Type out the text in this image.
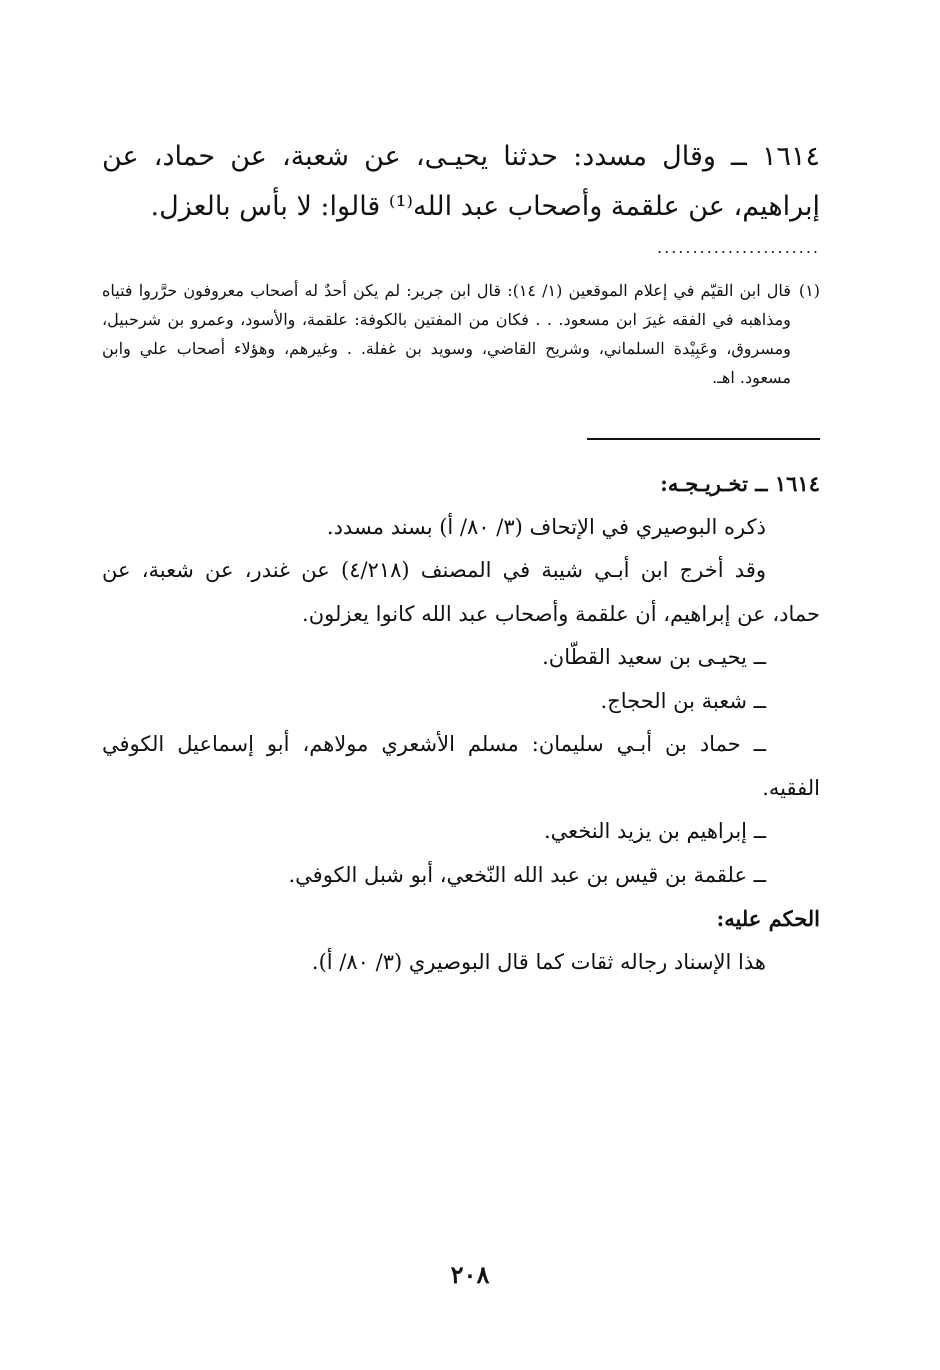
١٦١٤ ــ وقال مسدد: حدثنا يحيـى، عن شعبة، عن حماد، عن

إبراهيم، عن علقمة وأصحاب عبد الله⁽¹⁾ قالوا: لا بأس بالعزل.

.......................
(١)
قال ابن القيّم في إعلام الموقعين (١/ ١٤): قال ابن جرير: لم يكن أحدٌ له أصحاب معروفون حرَّروا فتياه ومذاهبه في الفقه غيرَ ابن مسعود. . . فكان من المفتين بالكوفة: علقمة، والأسود، وعمرو بن شرحبيل، ومسروق، وعَبِيْدة السلماني، وشريح القاضي، وسويد بن غفلة. . وغيرهم، وهؤلاء أصحاب علي وابن مسعود. اهـ.

١٦١٤ ــ تخـريـجـه:

ذكره البوصيري في الإتحاف (٣/ ٨٠/ أ) بسند مسدد.

وقد أخرج ابن أبـي شيبة في المصنف (٤/٢١٨) عن غندر، عن شعبة، عن

حماد، عن إبراهيم، أن علقمة وأصحاب عبد الله كانوا يعزلون.

ــ يحيـى بن سعيد القطّان.

ــ شعبة بن الحجاج.

ــ حماد بن أبـي سليمان: مسلم الأشعري مولاهم، أبو إسماعيل الكوفي

الفقيه.

ــ إبراهيم بن يزيد النخعي.

ــ علقمة بن قيس بن عبد الله النّخعي، أبو شبل الكوفي.

الحكم عليه:

هذا الإسناد رجاله ثقات كما قال البوصيري (٣/ ٨٠/ أ).

٢٠٨
